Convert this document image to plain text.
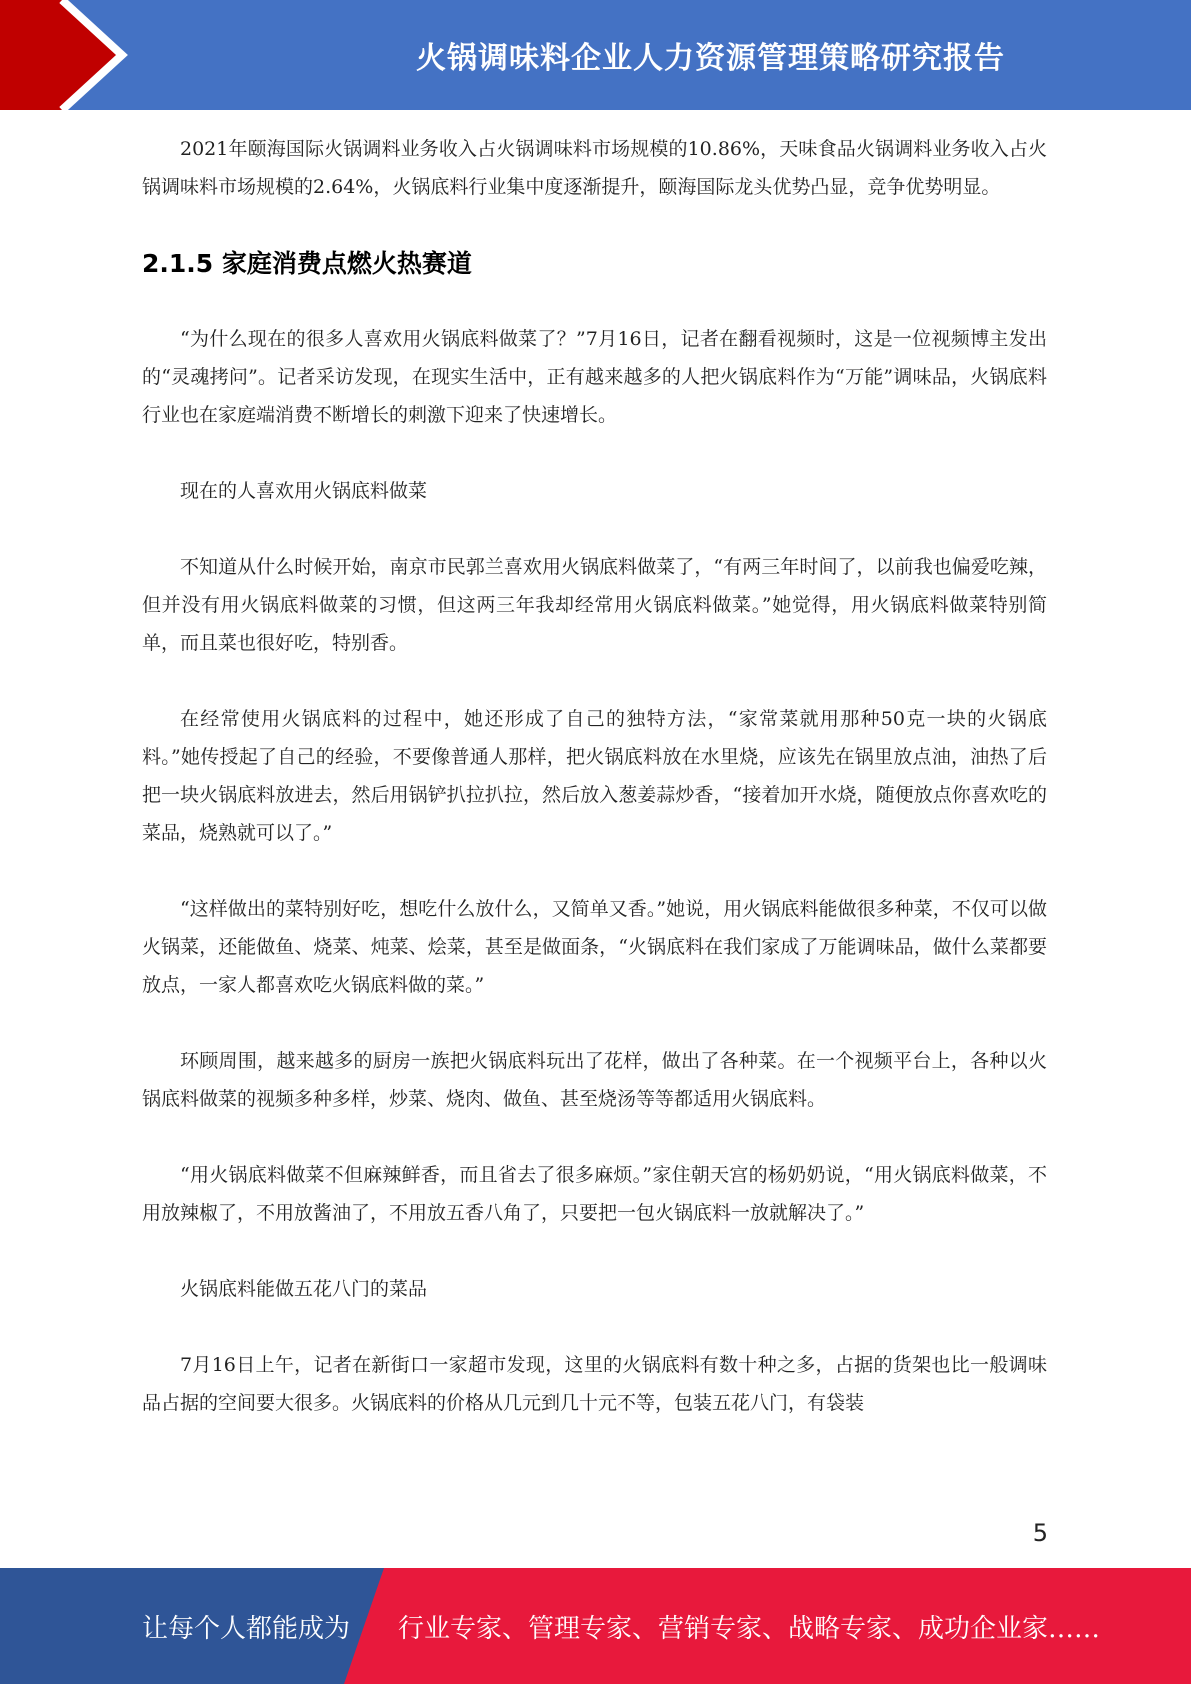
火锅调味料企业人力资源管理策略研究报告

2021年颐海国际火锅调料业务收入占火锅调味料市场规模的10.86%，天味食品火锅调料业务收入占火锅调味料市场规模的2.64%，火锅底料行业集中度逐渐提升，颐海国际龙头优势凸显，竞争优势明显。

2.1.5 家庭消费点燃火热赛道

“为什么现在的很多人喜欢用火锅底料做菜了？”7月16日，记者在翻看视频时，这是一位视频博主发出的“灵魂拷问”。记者采访发现，在现实生活中，正有越来越多的人把火锅底料作为“万能”调味品，火锅底料行业也在家庭端消费不断增长的刺激下迎来了快速增长。

现在的人喜欢用火锅底料做菜

不知道从什么时候开始，南京市民郭兰喜欢用火锅底料做菜了，“有两三年时间了，以前我也偏爱吃辣，但并没有用火锅底料做菜的习惯，但这两三年我却经常用火锅底料做菜。”她觉得，用火锅底料做菜特别简单，而且菜也很好吃，特别香。

在经常使用火锅底料的过程中，她还形成了自己的独特方法，“家常菜就用那种50克一块的火锅底料。”她传授起了自己的经验，不要像普通人那样，把火锅底料放在水里烧，应该先在锅里放点油，油热了后把一块火锅底料放进去，然后用锅铲扒拉扒拉，然后放入葱姜蒜炒香，“接着加开水烧，随便放点你喜欢吃的菜品，烧熟就可以了。”

“这样做出的菜特别好吃，想吃什么放什么，又简单又香。”她说，用火锅底料能做很多种菜，不仅可以做火锅菜，还能做鱼、烧菜、炖菜、烩菜，甚至是做面条，“火锅底料在我们家成了万能调味品，做什么菜都要放点，一家人都喜欢吃火锅底料做的菜。”

环顾周围，越来越多的厨房一族把火锅底料玩出了花样，做出了各种菜。在一个视频平台上，各种以火锅底料做菜的视频多种多样，炒菜、烧肉、做鱼、甚至烧汤等等都适用火锅底料。

“用火锅底料做菜不但麻辣鲜香，而且省去了很多麻烦。”家住朝天宫的杨奶奶说，“用火锅底料做菜，不用放辣椒了，不用放酱油了，不用放五香八角了，只要把一包火锅底料一放就解决了。”

火锅底料能做五花八门的菜品

7月16日上午，记者在新街口一家超市发现，这里的火锅底料有数十种之多，占据的货架也比一般调味品占据的空间要大很多。火锅底料的价格从几元到几十元不等，包装五花八门，有袋装

5
让每个人都能成为 行业专家、管理专家、营销专家、战略专家、成功企业家……
